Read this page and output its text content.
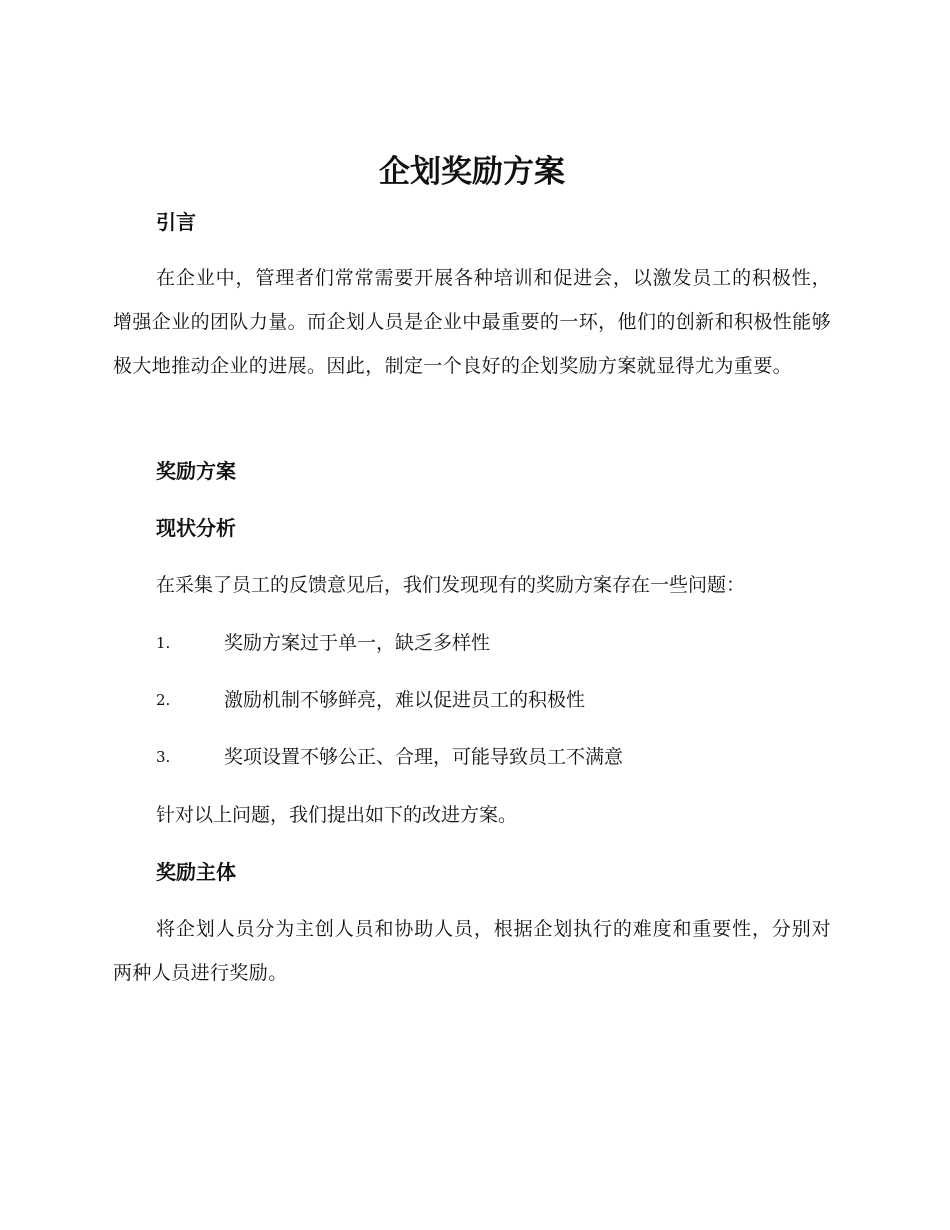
企划奖励方案
引言

在企业中，管理者们常常需要开展各种培训和促进会，以激发员工的积极性，增强企业的团队力量。而企划人员是企业中最重要的一环，他们的创新和积极性能够极大地推动企业的进展。因此，制定一个良好的企划奖励方案就显得尤为重要。

奖励方案
现状分析
在采集了员工的反馈意见后，我们发现现有的奖励方案存在一些问题：
1.	奖励方案过于单一，缺乏多样性
2.	激励机制不够鲜亮，难以促进员工的积极性
3.	奖项设置不够公正、合理，可能导致员工不满意
针对以上问题，我们提出如下的改进方案。
奖励主体

将企划人员分为主创人员和协助人员，根据企划执行的难度和重要性，分别对两种人员进行奖励。
